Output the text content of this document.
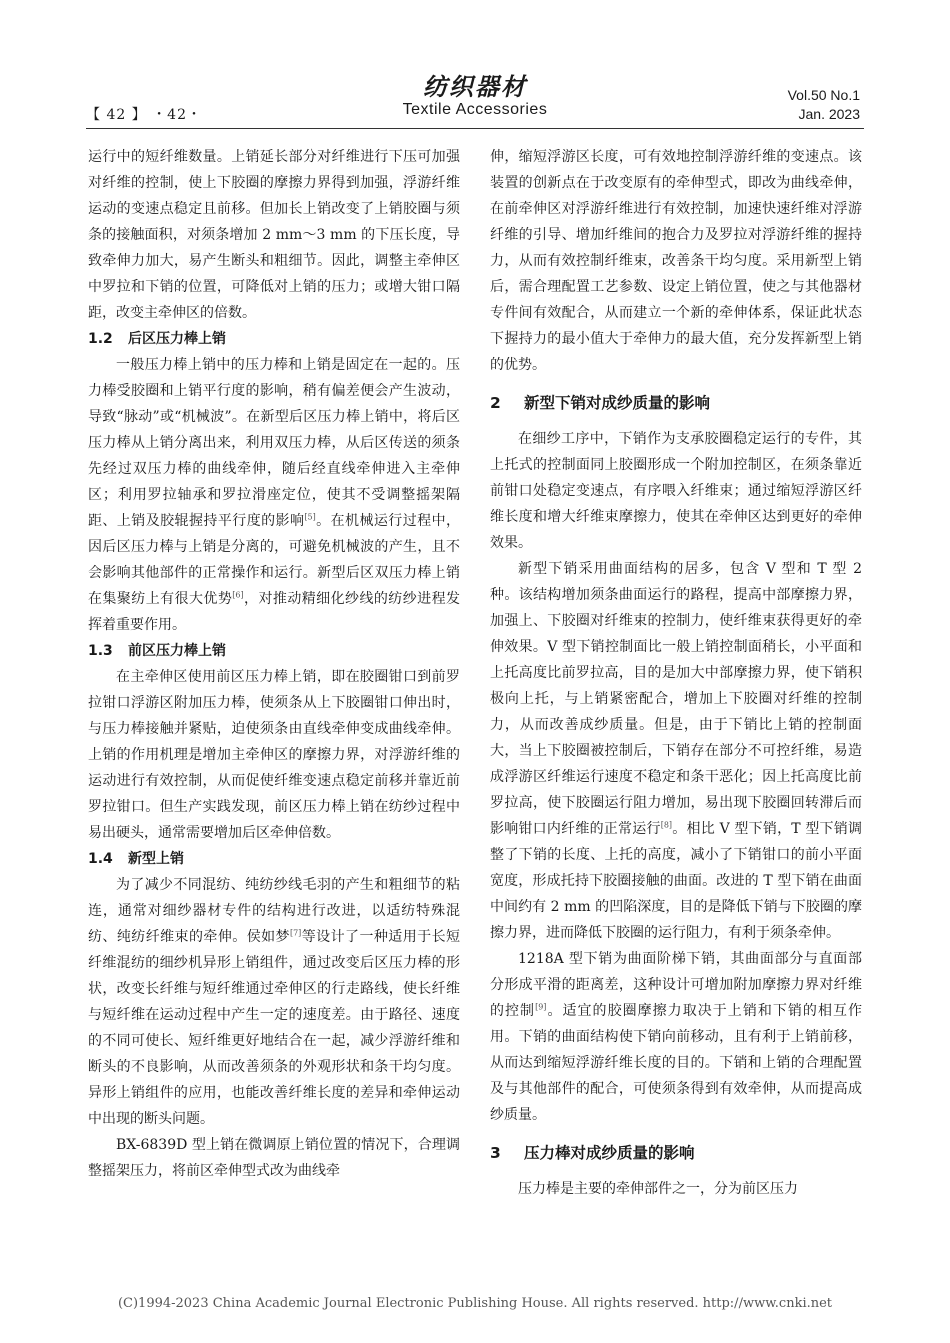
【 42 】 ・42・
纺织器材
Textile Accessories
Vol.50 No.1
Jan. 2023

运行中的短纤维数量。上销延长部分对纤维进行下压可加强对纤维的控制，使上下胶圈的摩擦力界得到加强，浮游纤维运动的变速点稳定且前移。但加长上销改变了上销胶圈与须条的接触面积，对须条增加 2 mm～3 mm 的下压长度，导致牵伸力加大，易产生断头和粗细节。因此，调整主牵伸区中罗拉和下销的位置，可降低对上销的压力；或增大钳口隔距，改变主牵伸区的倍数。

1.2 后区压力棒上销

一般压力棒上销中的压力棒和上销是固定在一起的。压力棒受胶圈和上销平行度的影响，稍有偏差便会产生波动，导致“脉动”或“机械波”。在新型后区压力棒上销中，将后区压力棒从上销分离出来，利用双压力棒，从后区传送的须条先经过双压力棒的曲线牵伸，随后经直线牵伸进入主牵伸区；利用罗拉轴承和罗拉滑座定位，使其不受调整摇架隔距、上销及胶辊握持平行度的影响[5]。在机械运行过程中，因后区压力棒与上销是分离的，可避免机械波的产生，且不会影响其他部件的正常操作和运行。新型后区双压力棒上销在集聚纺上有很大优势[6]，对推动精细化纱线的纺纱进程发挥着重要作用。

1.3 前区压力棒上销

在主牵伸区使用前区压力棒上销，即在胶圈钳口到前罗拉钳口浮游区附加压力棒，使须条从上下胶圈钳口伸出时，与压力棒接触并紧贴，迫使须条由直线牵伸变成曲线牵伸。上销的作用机理是增加主牵伸区的摩擦力界，对浮游纤维的运动进行有效控制，从而促使纤维变速点稳定前移并靠近前罗拉钳口。但生产实践发现，前区压力棒上销在纺纱过程中易出硬头，通常需要增加后区牵伸倍数。

1.4 新型上销

为了减少不同混纺、纯纺纱线毛羽的产生和粗细节的粘连，通常对细纱器材专件的结构进行改进，以适纺特殊混纺、纯纺纤维束的牵伸。侯如梦[7]等设计了一种适用于长短纤维混纺的细纱机异形上销组件，通过改变后区压力棒的形状，改变长纤维与短纤维通过牵伸区的行走路线，使长纤维与短纤维在运动过程中产生一定的速度差。由于路径、速度的不同可使长、短纤维更好地结合在一起，减少浮游纤维和断头的不良影响，从而改善须条的外观形状和条干均匀度。异形上销组件的应用，也能改善纤维长度的差异和牵伸运动中出现的断头问题。

BX-6839D 型上销在微调原上销位置的情况下，合理调整摇架压力，将前区牵伸型式改为曲线牵

伸，缩短浮游区长度，可有效地控制浮游纤维的变速点。该装置的创新点在于改变原有的牵伸型式，即改为曲线牵伸，在前牵伸区对浮游纤维进行有效控制，加速快速纤维对浮游纤维的引导、增加纤维间的抱合力及罗拉对浮游纤维的握持力，从而有效控制纤维束，改善条干均匀度。采用新型上销后，需合理配置工艺参数、设定上销位置，使之与其他器材专件间有效配合，从而建立一个新的牵伸体系，保证此状态下握持力的最小值大于牵伸力的最大值，充分发挥新型上销的优势。

2 新型下销对成纱质量的影响

在细纱工序中，下销作为支承胶圈稳定运行的专件，其上托式的控制面同上胶圈形成一个附加控制区，在须条靠近前钳口处稳定变速点，有序喂入纤维束；通过缩短浮游区纤维长度和增大纤维束摩擦力，使其在牵伸区达到更好的牵伸效果。

新型下销采用曲面结构的居多，包含 V 型和 T 型 2 种。该结构增加须条曲面运行的路程，提高中部摩擦力界，加强上、下胶圈对纤维束的控制力，使纤维束获得更好的牵伸效果。V 型下销控制面比一般上销控制面稍长，小平面和上托高度比前罗拉高，目的是加大中部摩擦力界，使下销积极向上托，与上销紧密配合，增加上下胶圈对纤维的控制力，从而改善成纱质量。但是，由于下销比上销的控制面大，当上下胶圈被控制后，下销存在部分不可控纤维，易造成浮游区纤维运行速度不稳定和条干恶化；因上托高度比前罗拉高，使下胶圈运行阻力增加，易出现下胶圈回转滞后而影响钳口内纤维的正常运行[8]。相比 V 型下销，T 型下销调整了下销的长度、上托的高度，减小了下销钳口的前小平面宽度，形成托持下胶圈接触的曲面。改进的 T 型下销在曲面中间约有 2 mm 的凹陷深度，目的是降低下销与下胶圈的摩擦力界，进而降低下胶圈的运行阻力，有利于须条牵伸。

1218A 型下销为曲面阶梯下销，其曲面部分与直面部分形成平滑的距离差，这种设计可增加附加摩擦力界对纤维的控制[9]。适宜的胶圈摩擦力取决于上销和下销的相互作用。下销的曲面结构使下销向前移动，且有利于上销前移，从而达到缩短浮游纤维长度的目的。下销和上销的合理配置及与其他部件的配合，可使须条得到有效牵伸，从而提高成纱质量。

3 压力棒对成纱质量的影响

压力棒是主要的牵伸部件之一，分为前区压力

(C)1994-2023 China Academic Journal Electronic Publishing House. All rights reserved. http://www.cnki.net
